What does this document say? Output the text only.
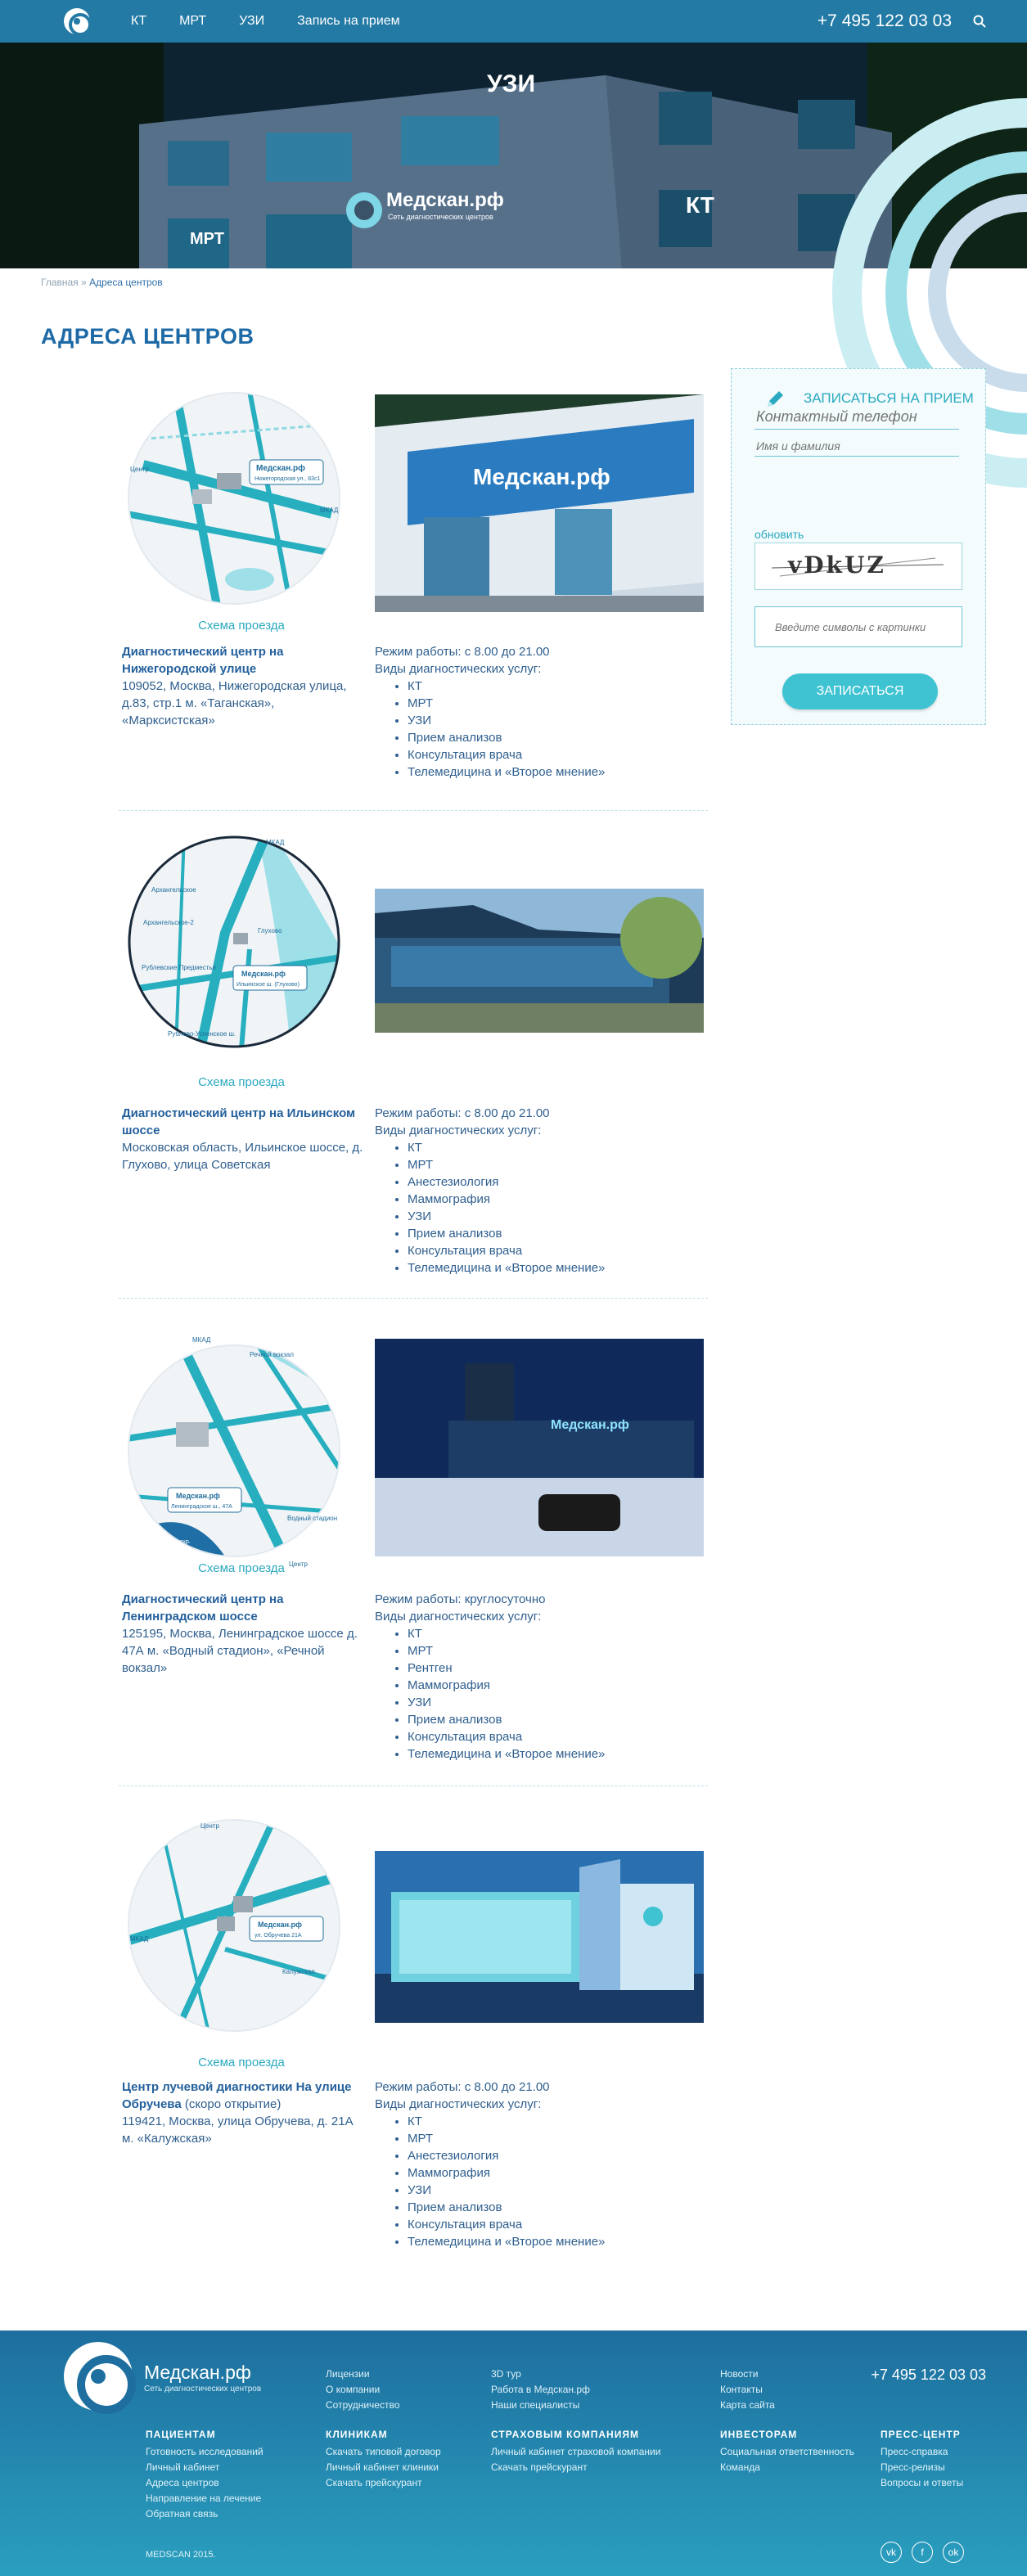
КТ	МРТ	УЗИ	Запись на прием	+7 495 122 03 03
Медскан.рф
Сеть диагностических центров
УЗИ
МРТ
КТ
Главная » Адреса центров
АДРЕСА ЦЕНТРОВ
ЗАПИСАТЬСЯ НА ПРИЕМ
Имя и фамилия
Контактный телефон
обновить
vDkUZ
Введите символы с картинки
ЗАПИСАТЬСЯ
Медскан.рф
Нижегородская ул., 83с1
Центр
МКАД
Схема проезда
Медскан.рф
Диагностический центр на Нижегородской улице
109052, Москва, Нижегородская улица, д.83, стр.1 м. «Таганская», «Марксистская»
Режим работы: с 8.00 до 21.00
Виды диагностических услуг:
• КТ
• МРТ
• УЗИ
• Прием анализов
• Консультация врача
• Телемедицина и «Второе мнение»
Медскан.рф
Ильинское ш. (Глухово)
МКАД
Архангельское
Архангельское-2
Глухово
Рублевские Предместья
Рублево-Успенское ш.
Схема проезда
Диагностический центр на Ильинском шоссе
Московская область, Ильинское шоссе, д. Глухово, улица Советская
Режим работы: с 8.00 до 21.00
Виды диагностических услуг:
• КТ
• МРТ
• Анестезиология
• Маммография
• УЗИ
• Прием анализов
• Консультация врача
• Телемедицина и «Второе мнение»
Медскан.рф
Ленинградское ш., 47А
МКАД
Речной вокзал
Водный стадион
Химкинское вдхр.
Центр
Схема проезда
Медскан.рф
Диагностический центр на Ленинградском шоссе
125195, Москва, Ленинградское шоссе д. 47А м. «Водный стадион», «Речной вокзал»
Режим работы: круглосуточно
Виды диагностических услуг:
• КТ
• МРТ
• Рентген
• Маммография
• УЗИ
• Прием анализов
• Консультация врача
• Телемедицина и «Второе мнение»
Медскан.рф
ул. Обручева 21А
Центр
МКАД
Калужская
Схема проезда
Центр лучевой диагностики На улице Обручева (скоро открытие)
119421, Москва, улица Обручева, д. 21А м. «Калужская»
Режим работы: с 8.00 до 21.00
Виды диагностических услуг:
• КТ
• МРТ
• Анестезиология
• Маммография
• УЗИ
• Прием анализов
• Консультация врача
• Телемедицина и «Второе мнение»
Медскан.рф
Сеть диагностических центров
Лицензии
О компании
Сотрудничество
3D тур
Работа в Медскан.рф
Наши специалисты
Новости
Контакты
Карта сайта
+7 495 122 03 03
ПАЦИЕНТАМ
Готовность исследований
Личный кабинет
Адреса центров
Направление на лечение
Обратная связь
КЛИНИКАМ
Скачать типовой договор
Личный кабинет клиники
Скачать прейскурант
СТРАХОВЫМ КОМПАНИЯМ
Личный кабинет страховой компании
Скачать прейскурант
ИНВЕСТОРАМ
Социальная ответственность
Команда
ПРЕСС-ЦЕНТР
Пресс-справка
Пресс-релизы
Вопросы и ответы
MEDSCAN 2015.	vk	f	ok
